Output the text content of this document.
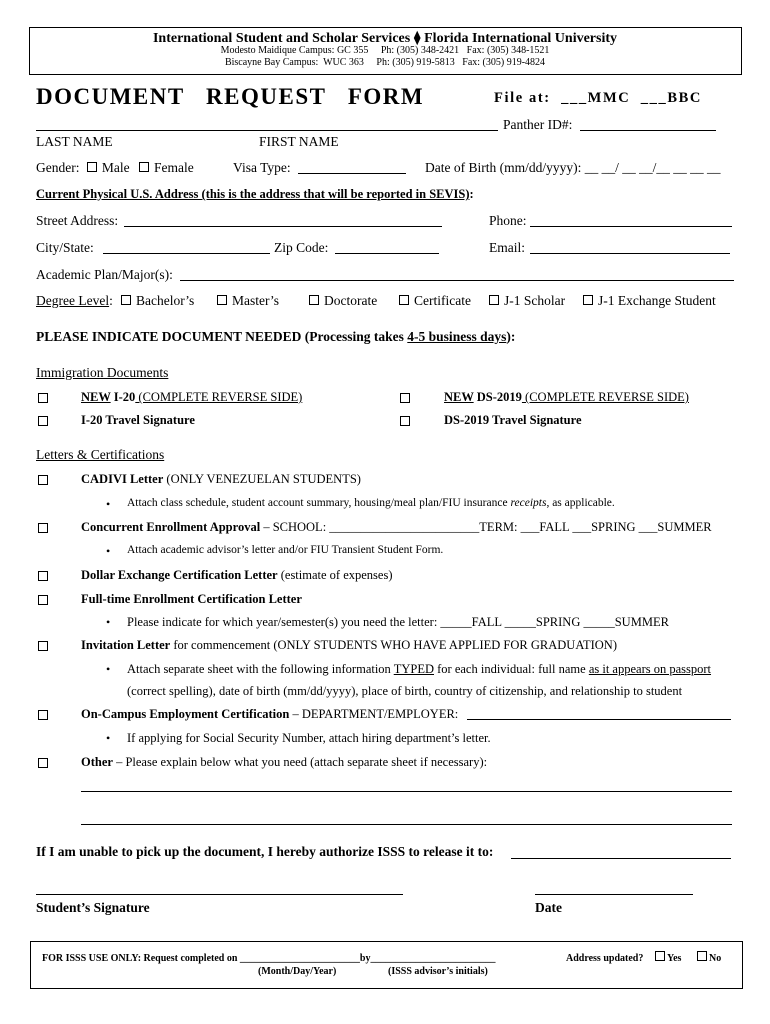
International Student and Scholar Services ⧫ Florida International University
Modesto Maidique Campus: GC 355     Ph: (305) 348-2421   Fax: (305) 348-1521
Biscayne Bay Campus:  WUC 363     Ph: (305) 919-5813   Fax: (305) 919-4824
DOCUMENT   REQUEST   FORM	File at:  ___MMC  ___BBC
Panther ID#:
LAST NAME	FIRST NAME
Gender: Male Female	Visa Type:	Date of Birth (mm/dd/yyyy): __ __/ __ __/__ __ __ __
Current Physical U.S. Address (this is the address that will be reported in SEVIS):
Street Address:	Phone:
City/State:	Zip Code:	Email:
Academic Plan/Major(s):
Degree Level:	Bachelor’s	Master’s	Doctorate	Certificate	J-1 Scholar	J-1 Exchange Student
PLEASE INDICATE DOCUMENT NEEDED (Processing takes 4-5 business days):
Immigration Documents
NEW I-20 (COMPLETE REVERSE SIDE)	NEW DS-2019 (COMPLETE REVERSE SIDE)
I-20 Travel Signature	DS-2019 Travel Signature
Letters & Certifications
CADIVI Letter (ONLY VENEZUELAN STUDENTS)
• Attach class schedule, student account summary, housing/meal plan/FIU insurance receipts, as applicable.
Concurrent Enrollment Approval – SCHOOL: ________________________TERM: ___FALL ___SPRING ___SUMMER
• Attach academic advisor’s letter and/or FIU Transient Student Form.
Dollar Exchange Certification Letter (estimate of expenses)
Full-time Enrollment Certification Letter
• Please indicate for which year/semester(s) you need the letter: _____FALL _____SPRING _____SUMMER
Invitation Letter for commencement (ONLY STUDENTS WHO HAVE APPLIED FOR GRADUATION)
• Attach separate sheet with the following information TYPED for each individual: full name as it appears on passport
(correct spelling), date of birth (mm/dd/yyyy), place of birth, country of citizenship, and relationship to student
On-Campus Employment Certification – DEPARTMENT/EMPLOYER:
• If applying for Social Security Number, attach hiring department’s letter.
Other – Please explain below what you need (attach separate sheet if necessary):
If I am unable to pick up the document, I hereby authorize ISSS to release it to:
Student’s Signature	Date
FOR ISSS USE ONLY: Request completed on ________________________by_________________________
(Month/Day/Year)	(ISSS advisor’s initials)
Address updated?	Yes	No
